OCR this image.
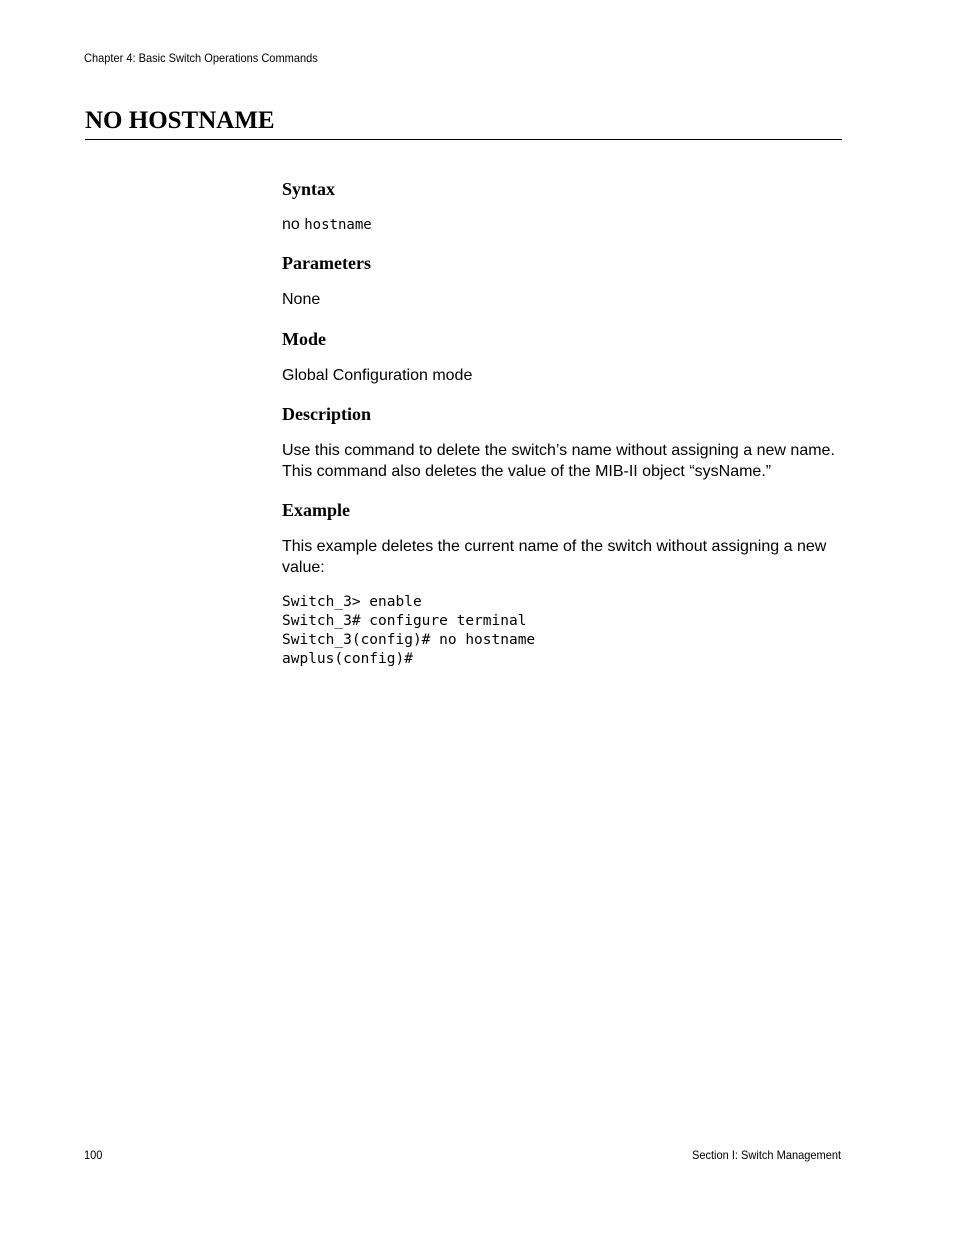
Chapter 4: Basic Switch Operations Commands
NO HOSTNAME
Syntax

no hostname

Parameters

None

Mode

Global Configuration mode

Description

Use this command to delete the switch’s name without assigning a new name. This command also deletes the value of the MIB-II object “sysName.”

Example

This example deletes the current name of the switch without assigning a new value:

Switch_3> enable
Switch_3# configure terminal
Switch_3(config)# no hostname
awplus(config)#
100	Section I: Switch Management
